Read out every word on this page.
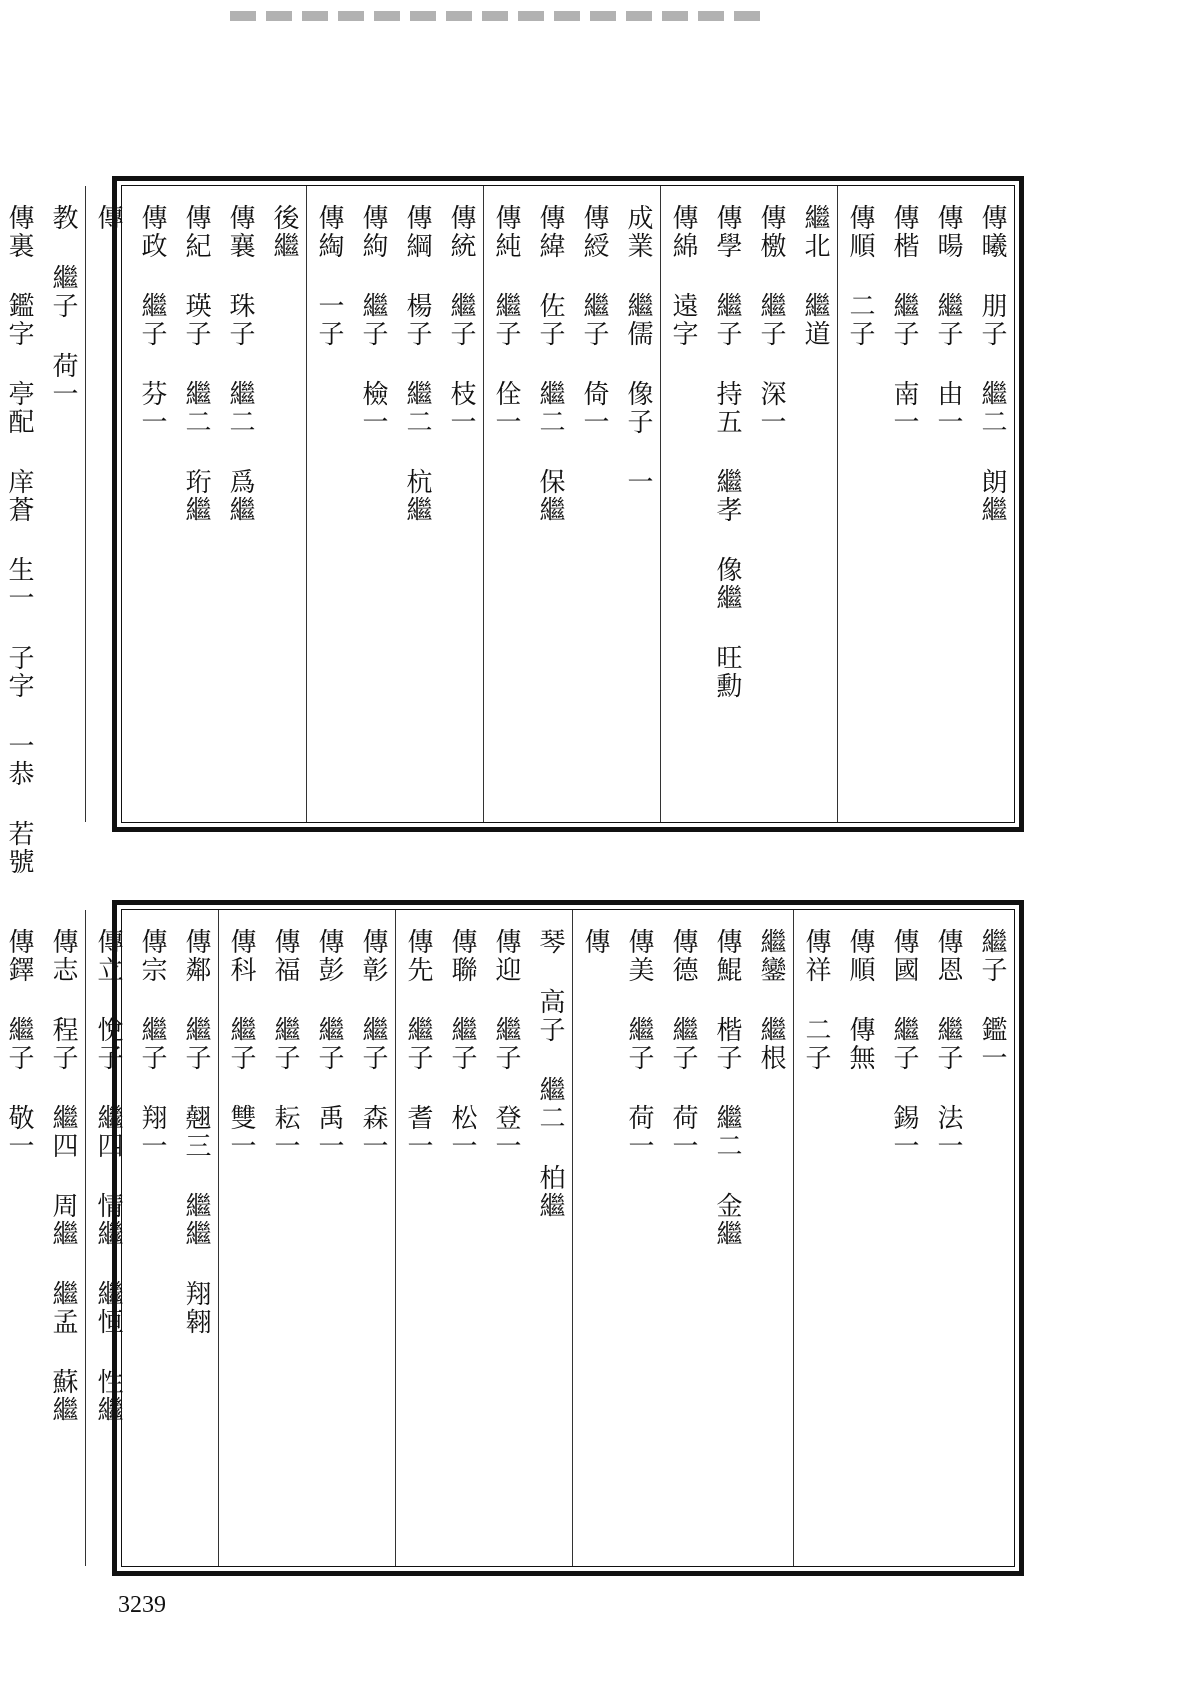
傳曦 朋子 繼二 朗繼
傳暘 繼子 由一
傳楷 繼子 南一
傳順 二子
繼北 繼道
傳檄 繼子 深一
傳學 繼子 持五 繼孝 像繼 旺勳
傳綿 遠字
成業 繼儒 像子 一
傳綬 繼子 倚一
傳緯 佐子 繼二 保繼
傳純 繼子 佺一
傳統 繼子 枝一
傳綱 楊子 繼二 杭繼
傳絇 繼子 檢一
傳綯 一子
後繼
傳襄 珠子 繼二 爲繼
傳紀 瑛子 繼二 珩繼
傳政 繼子 芬一
傳
教 繼子 荷一
傳裏 鑑字 亭配 庠蒼 生一 子字 一恭 若號
繼子 鑑一
傳恩 繼子 法一
傳國 繼子 錫一
傳順 傳無
傳祥 二子
繼鑾 繼根
傳鯤 楷子 繼二 金繼
傳德 繼子 荷一
傳美 繼子 荷一
傳
琴 高子 繼二 柏繼
傳迎 繼子 登一
傳聯 繼子 松一
傳先 繼子 耆一
傳彰 繼子 森一
傳彭 繼子 禹一
傳福 繼子 耘一
傳科 繼子 雙一
傳鄰 繼子 翹三 繼繼 翔翱
傳宗 繼子 翔一
傳立 悅子 繼四 情繼 繼恒 性繼
傳志 程子 繼四 周繼 繼孟 蘇繼
傳鐸 繼子 敬一
3239
